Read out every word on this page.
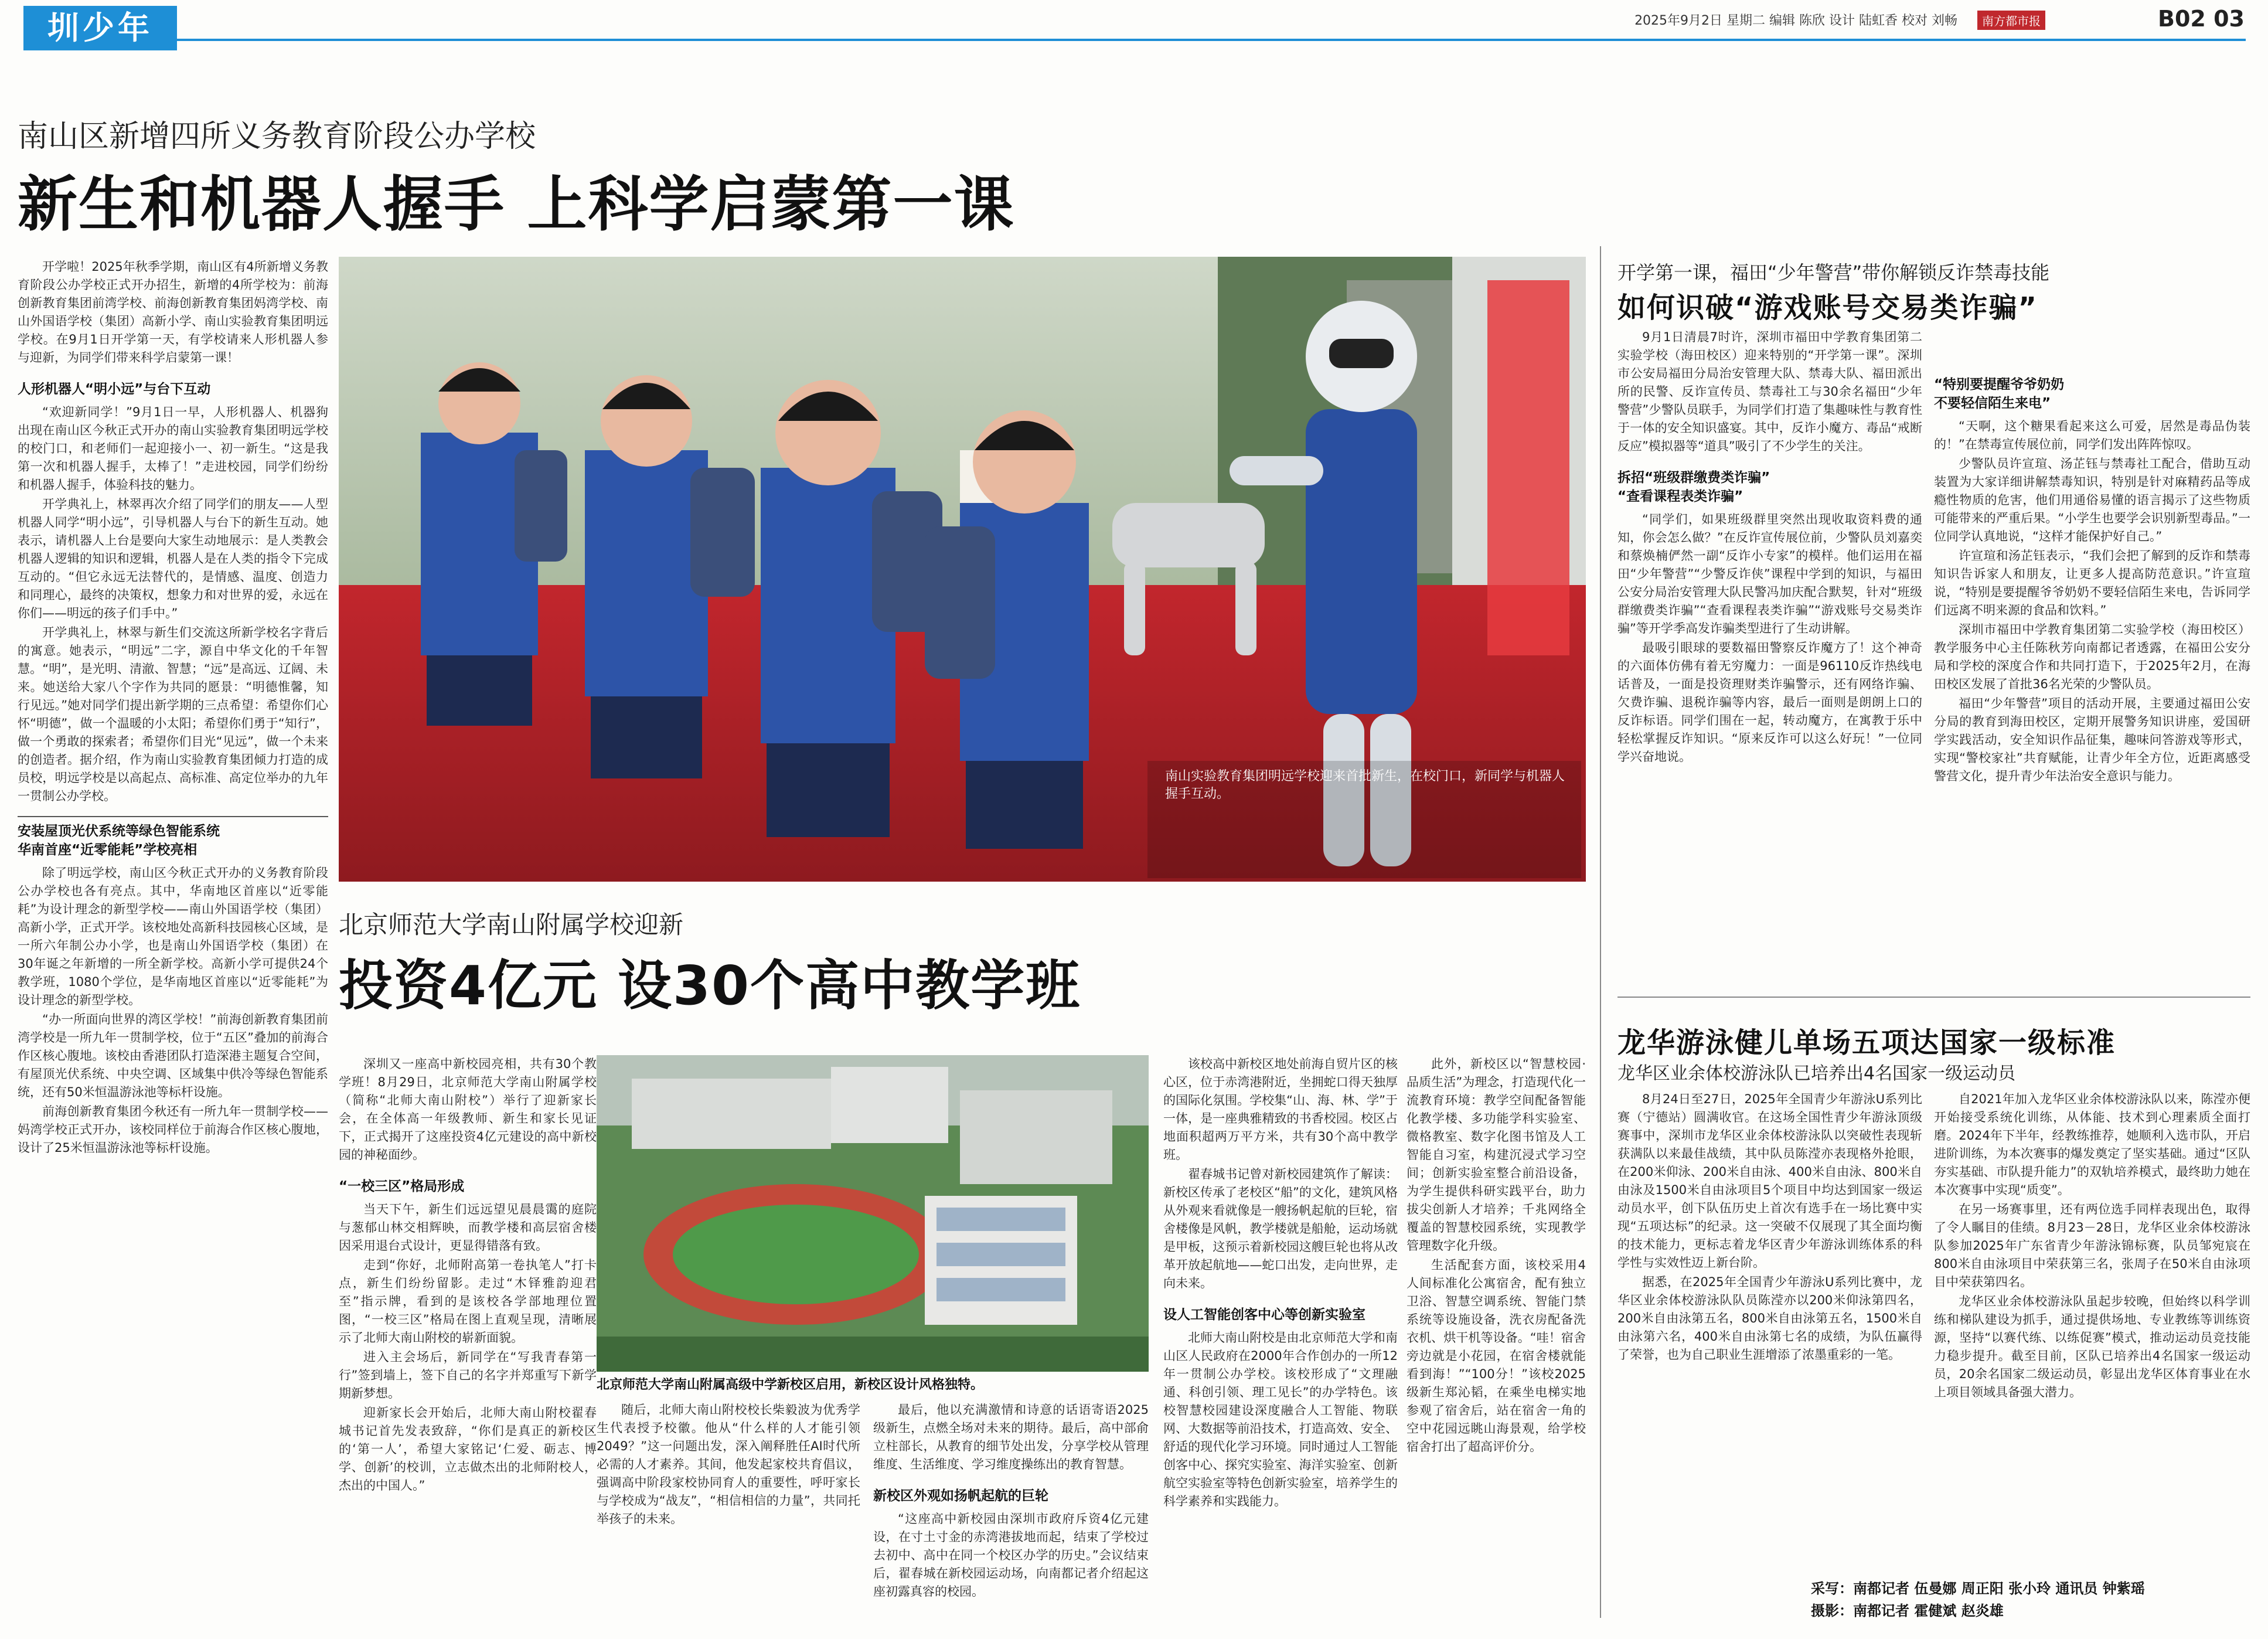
圳少年	2025年9月2日 星期二 编辑 陈欣 设计 陆虹香 校对 刘畅	南方都市报	B02 03
南山区新增四所义务教育阶段公办学校
新生和机器人握手 上科学启蒙第一课

开学啦！2025年秋季学期，南山区有4所新增义务教育阶段公办学校正式开办招生，新增的4所学校为：前海创新教育集团前湾学校、前海创新教育集团妈湾学校、南山外国语学校（集团）高新小学、南山实验教育集团明远学校。在9月1日开学第一天，有学校请来人形机器人参与迎新，为同学们带来科学启蒙第一课！

人形机器人“明小远”与台下互动

“欢迎新同学！”9月1日一早，人形机器人、机器狗出现在南山区今秋正式开办的南山实验教育集团明远学校的校门口，和老师们一起迎接小一、初一新生。“这是我第一次和机器人握手，太棒了！”走进校园，同学们纷纷和机器人握手，体验科技的魅力。

开学典礼上，林翠再次介绍了同学们的朋友——人型机器人同学“明小远”，引导机器人与台下的新生互动。她表示，请机器人上台是要向大家生动地展示：是人类教会机器人逻辑的知识和逻辑，机器人是在人类的指令下完成互动的。“但它永远无法替代的，是情感、温度、创造力和同理心，最终的决策权，想象力和对世界的爱，永远在你们——明远的孩子们手中。”

开学典礼上，林翠与新生们交流这所新学校名字背后的寓意。她表示，“明远”二字，源自中华文化的千年智慧。“明”，是光明、清澈、智慧；“远”是高远、辽阔、未来。她送给大家八个字作为共同的愿景：“明德惟馨，知行见远。”她对同学们提出新学期的三点希望：希望你们心怀“明德”，做一个温暖的小太阳；希望你们勇于“知行”，做一个勇敢的探索者；希望你们目光“见远”，做一个未来的创造者。据介绍，作为南山实验教育集团倾力打造的成员校，明远学校是以高起点、高标准、高定位举办的九年一贯制公办学校。

安装屋顶光伏系统等绿色智能系统
华南首座“近零能耗”学校亮相

除了明远学校，南山区今秋正式开办的义务教育阶段公办学校也各有亮点。其中，华南地区首座以“近零能耗”为设计理念的新型学校——南山外国语学校（集团）高新小学，正式开学。该校地处高新科技园核心区域，是一所六年制公办小学，也是南山外国语学校（集团）在30年诞之年新增的一所全新学校。高新小学可提供24个教学班，1080个学位，是华南地区首座以“近零能耗”为设计理念的新型学校。

“办一所面向世界的湾区学校！”前海创新教育集团前湾学校是一所九年一贯制学校，位于“五区”叠加的前海合作区核心腹地。该校由香港团队打造深港主题复合空间，有屋顶光伏系统、中央空调、区域集中供冷等绿色智能系统，还有50米恒温游泳池等标杆设施。

前海创新教育集团今秋还有一所九年一贯制学校——妈湾学校正式开办，该校同样位于前海合作区核心腹地，设计了25米恒温游泳池等标杆设施。

南山实验教育集团明远学校迎来首批新生，在校门口，新同学与机器人握手互动。
北京师范大学南山附属学校迎新
投资4亿元 设30个高中教学班

深圳又一座高中新校园亮相，共有30个教学班！8月29日，北京师范大学南山附属学校（简称“北师大南山附校”）举行了迎新家长会，在全体高一年级教师、新生和家长见证下，正式揭开了这座投资4亿元建设的高中新校园的神秘面纱。

“一校三区”格局形成

当天下午，新生们远远望见晨晨霭的庭院与葱郁山林交相辉映，而教学楼和高层宿舍楼因采用退台式设计，更显得错落有致。

走到“你好，北师附高第一卷执笔人”打卡点，新生们纷纷留影。走过“木铎雅韵迎君至”指示牌，看到的是该校各学部地理位置图，“一校三区”格局在图上直观呈现，清晰展示了北师大南山附校的崭新面貌。

进入主会场后，新同学在“写我青春第一行”签到墙上，签下自己的名字并郑重写下新学期新梦想。

迎新家长会开始后，北师大南山附校翟春城书记首先发表致辞，“你们是真正的新校区的‘第一人’，希望大家铭记‘仁爱、砺志、博学、创新’的校训，立志做杰出的北师附校人，杰出的中国人。”

北京师范大学南山附属高级中学新校区启用，新校区设计风格独特。

随后，北师大南山附校校长柴毅波为优秀学生代表授予校徽。他从“什么样的人才能引领2049？”这一问题出发，深入阐释胜任AI时代所必需的人才素养。其间，他发起家校共育倡议，强调高中阶段家校协同育人的重要性，呼吁家长与学校成为“战友”，“相信相信的力量”，共同托举孩子的未来。

最后，他以充满激情和诗意的话语寄语2025级新生，点燃全场对未来的期待。最后，高中部俞立柱部长，从教育的细节处出发，分享学校从管理维度、生活维度、学习维度操练出的教育智慧。

新校区外观如扬帆起航的巨轮

“这座高中新校园由深圳市政府斥资4亿元建设，在寸土寸金的赤湾港拔地而起，结束了学校过去初中、高中在同一个校区办学的历史。”会议结束后，翟春城在新校园运动场，向南都记者介绍起这座初露真容的校园。

该校高中新校区地处前海自贸片区的核心区，位于赤湾港附近，坐拥蛇口得天独厚的国际化氛围。学校集“山、海、林、学”于一体，是一座典雅精致的书香校园。校区占地面积超两万平方米，共有30个高中教学班。

翟春城书记曾对新校园建筑作了解读：新校区传承了老校区“船”的文化，建筑风格从外观来看就像是一艘扬帆起航的巨轮，宿舍楼像是风帆，教学楼就是船舱，运动场就是甲板，这预示着新校园这艘巨轮也将从改革开放起航地——蛇口出发，走向世界，走向未来。

设人工智能创客中心等创新实验室

北师大南山附校是由北京师范大学和南山区人民政府在2000年合作创办的一所12年一贯制公办学校。该校形成了“文理融通、科创引领、理工见长”的办学特色。该校智慧校园建设深度融合人工智能、物联网、大数据等前沿技术，打造高效、安全、舒适的现代化学习环境。同时通过人工智能创客中心、探究实验室、海洋实验室、创新航空实验室等特色创新实验室，培养学生的科学素养和实践能力。

此外，新校区以“智慧校园·品质生活”为理念，打造现代化一流教育环境：教学空间配备智能化教学楼、多功能学科实验室、微格教室、数字化图书馆及人工智能自习室，构建沉浸式学习空间；创新实验室整合前沿设备，为学生提供科研实践平台，助力拔尖创新人才培养；千兆网络全覆盖的智慧校园系统，实现教学管理数字化升级。

生活配套方面，该校采用4人间标准化公寓宿舍，配有独立卫浴、智慧空调系统、智能门禁系统等设施设备，洗衣房配备洗衣机、烘干机等设备。“哇！宿舍旁边就是小花园，在宿舍楼就能看到海！”“100分！”该校2025级新生郑沁韬，在乘坐电梯实地参观了宿舍后，站在宿舍一角的空中花园远眺山海景观，给学校宿舍打出了超高评价分。

开学第一课，福田“少年警营”带你解锁反诈禁毒技能
如何识破“游戏账号交易类诈骗”

9月1日清晨7时许，深圳市福田中学教育集团第二实验学校（海田校区）迎来特别的“开学第一课”。深圳市公安局福田分局治安管理大队、禁毒大队、福田派出所的民警、反诈宣传员、禁毒社工与30余名福田“少年警营”少警队员联手，为同学们打造了集趣味性与教育性于一体的安全知识盛宴。其中，反诈小魔方、毒品“戒断反应”模拟器等“道具”吸引了不少学生的关注。

拆招“班级群缴费类诈骗”
“查看课程表类诈骗”

“同学们，如果班级群里突然出现收取资料费的通知，你会怎么做？”在反诈宣传展位前，少警队员刘嘉奕和蔡焕楠俨然一副“反诈小专家”的模样。他们运用在福田“少年警营”“少警反诈侠”课程中学到的知识，与福田公安分局治安管理大队民警冯加庆配合默契，针对“班级群缴费类诈骗”“查看课程表类诈骗”“游戏账号交易类诈骗”等开学季高发诈骗类型进行了生动讲解。

最吸引眼球的要数福田警察反诈魔方了！这个神奇的六面体仿佛有着无穷魔力：一面是96110反诈热线电话普及，一面是投资理财类诈骗警示，还有网络诈骗、欠费诈骗、退税诈骗等内容，最后一面则是朗朗上口的反诈标语。同学们围在一起，转动魔方，在寓教于乐中轻松掌握反诈知识。“原来反诈可以这么好玩！”一位同学兴奋地说。

“特别要提醒爷爷奶奶
不要轻信陌生来电”

“天啊，这个糖果看起来这么可爱，居然是毒品伪装的！”在禁毒宣传展位前，同学们发出阵阵惊叹。

少警队员许宣瑄、汤芷钰与禁毒社工配合，借助互动装置为大家详细讲解禁毒知识，特别是针对麻精药品等成瘾性物质的危害，他们用通俗易懂的语言揭示了这些物质可能带来的严重后果。“小学生也要学会识别新型毒品。”一位同学认真地说，“这样才能保护好自己。”

许宣瑄和汤芷钰表示，“我们会把了解到的反诈和禁毒知识告诉家人和朋友，让更多人提高防范意识。”许宣瑄说，“特别是要提醒爷爷奶奶不要轻信陌生来电，告诉同学们远离不明来源的食品和饮料。”

深圳市福田中学教育集团第二实验学校（海田校区）教学服务中心主任陈秋芳向南都记者透露，在福田公安分局和学校的深度合作和共同打造下，于2025年2月，在海田校区发展了首批36名光荣的少警队员。

福田“少年警营”项目的活动开展，主要通过福田公安分局的教育到海田校区，定期开展警务知识讲座，爱国研学实践活动，安全知识作品征集，趣味问答游戏等形式，实现“警校家社”共育赋能，让青少年全方位，近距离感受警营文化，提升青少年法治安全意识与能力。

龙华游泳健儿单场五项达国家一级标准
龙华区业余体校游泳队已培养出4名国家一级运动员

8月24日至27日，2025年全国青少年游泳U系列比赛（宁德站）圆满收官。在这场全国性青少年游泳顶级赛事中，深圳市龙华区业余体校游泳队以突破性表现斩获满队以来最佳战绩，其中队员陈滢亦表现格外抢眼，在200米仰泳、200米自由泳、400米自由泳、800米自由泳及1500米自由泳项目5个项目中均达到国家一级运动员水平，创下队伍历史上首次有选手在一场比赛中实现“五项达标”的纪录。这一突破不仅展现了其全面均衡的技术能力，更标志着龙华区青少年游泳训练体系的科学性与实效性迈上新台阶。

据悉，在2025年全国青少年游泳U系列比赛中，龙华区业余体校游泳队队员陈滢亦以200米仰泳第四名，200米自由泳第五名，800米自由泳第五名，1500米自由泳第六名，400米自由泳第七名的成绩，为队伍赢得了荣誉，也为自己职业生涯增添了浓墨重彩的一笔。

自2021年加入龙华区业余体校游泳队以来，陈滢亦便开始接受系统化训练，从体能、技术到心理素质全面打磨。2024年下半年，经教练推荐，她顺利入选市队，开启进阶训练，为本次赛事的爆发奠定了坚实基础。通过“区队夯实基础、市队提升能力”的双轨培养模式，最终助力她在本次赛事中实现“质变”。

在另一场赛事里，还有两位选手同样表现出色，取得了令人瞩目的佳绩。8月23－28日，龙华区业余体校游泳队参加2025年广东省青少年游泳锦标赛，队员邹宛宸在800米自由泳项目中荣获第三名，张周子在50米自由泳项目中荣获第四名。

龙华区业余体校游泳队虽起步较晚，但始终以科学训练和梯队建设为抓手，通过提供场地、专业教练等训练资源，坚持“以赛代练、以练促赛”模式，推动运动员竞技能力稳步提升。截至目前，区队已培养出4名国家一级运动员，20余名国家二级运动员，彰显出龙华区体育事业在水上项目领域具备强大潜力。

采写：南都记者 伍曼娜 周正阳 张小玲 通讯员 钟紫瑶
摄影：南都记者 霍健斌 赵炎雄
